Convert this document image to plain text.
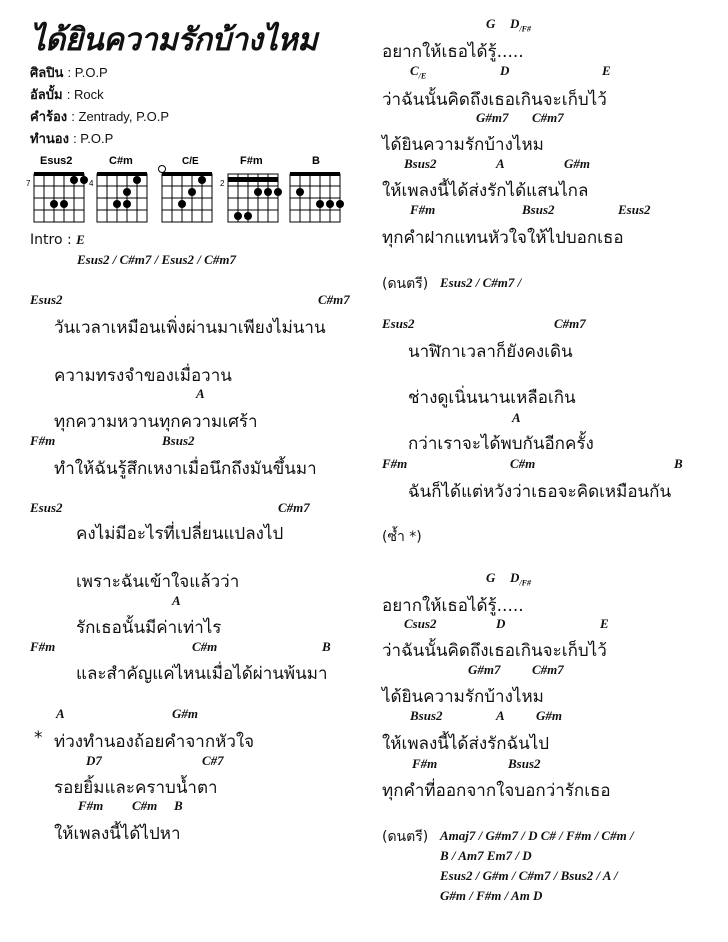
ได้ยินความรักบ้างไหม
ศิลปิน : P.O.P
อัลบั้ม : Rock
คำร้อง : Zentrady, P.O.P
ทำนอง : P.O.P
Esus2
7
C#m
4
C/E	F#m
2
B
Intro : E
Esus2 / C#m7 / Esus2 / C#m7
Esus2	C#m7
วันเวลาเหมือนเพิ่งผ่านมาเพียงไม่นาน
ความทรงจำของเมื่อวาน
A
ทุกความหวานทุกความเศร้า
F#m	Bsus2
ทำให้ฉันรู้สึกเหงาเมื่อนึกถึงมันขึ้นมา
Esus2	C#m7
คงไม่มีอะไรที่เปลี่ยนแปลงไป
เพราะฉันเข้าใจแล้วว่า
A
รักเธอนั้นมีค่าเท่าไร
F#m	C#m	B
และสำคัญแค่ไหนเมื่อได้ผ่านพ้นมา
A	G#m
* ท่วงทำนองถ้อยคำจากหัวใจ
D7	C#7
รอยยิ้มและคราบน้ำตา
F#m C#m B
ให้เพลงนี้ได้ไปหา
G $D_{/F\#}$
อยากให้เธอได้รู้.....
$C_{/E}$	D	E
ว่าฉันนั้นคิดถึงเธอเกินจะเก็บไว้
G#m7 C#m7
ได้ยินความรักบ้างไหม
Bsus2	A	G#m
ให้เพลงนี้ได้ส่งรักได้แสนไกล
F#m	Bsus2	Esus2
ทุกคำฝากแทนหัวใจให้ไปบอกเธอ
(ดนตรี) Esus2 / C#m7 /
Esus2	C#m7
นาฬิกาเวลาก็ยังคงเดิน
ช่างดูเนิ่นนานเหลือเกิน
A
กว่าเราจะได้พบกันอีกครั้ง
F#m	C#m	B
ฉันก็ได้แต่หวังว่าเธอจะคิดเหมือนกัน
(ซ้ำ *)
G $D_{/F\#}$
อยากให้เธอได้รู้.....
Csus2	D	E
ว่าฉันนั้นคิดถึงเธอเกินจะเก็บไว้
G#m7 C#m7
ได้ยินความรักบ้างไหม
Bsus2	A G#m
ให้เพลงนี้ได้ส่งรักฉันไป
F#m	Bsus2
ทุกคำที่ออกจากใจบอกว่ารักเธอ
(ดนตรี) Amaj7 / G#m7 / D C# / F#m / C#m /
B / Am7 Em7 / D
Esus2 / G#m / C#m7 / Bsus2 / A /
G#m / F#m / Am D
